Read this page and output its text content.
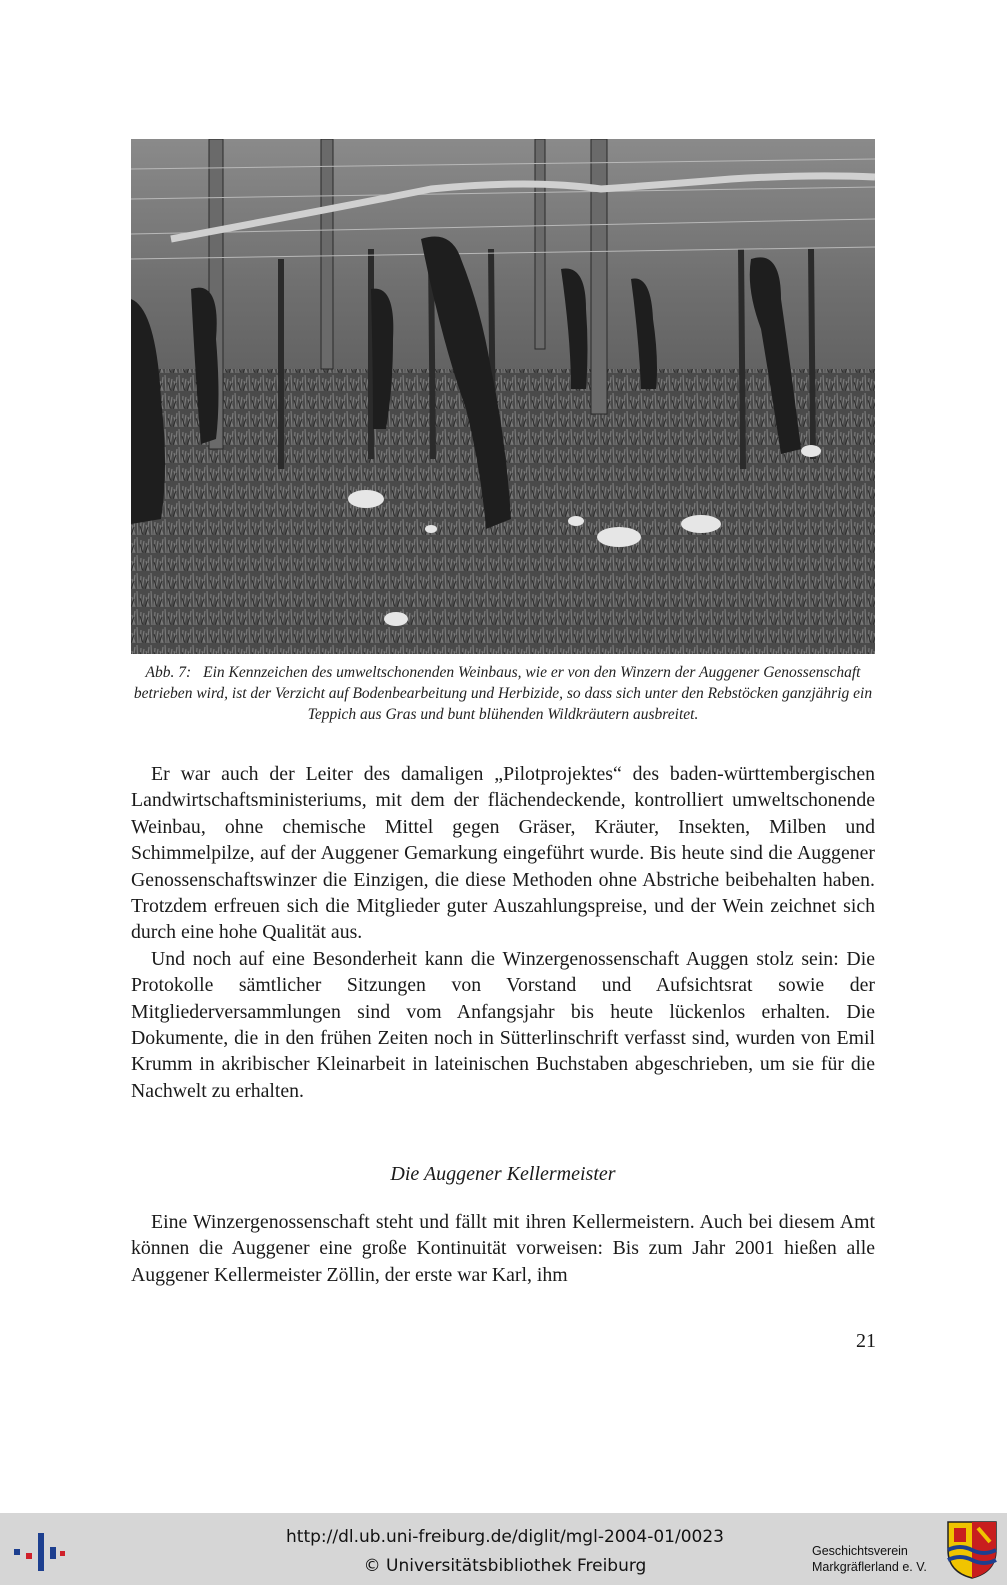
Abb. 7: Ein Kennzeichen des umweltschonenden Weinbaus, wie er von den Winzern der Auggener Genossenschaft betrieben wird, ist der Verzicht auf Bodenbearbeitung und Herbizide, so dass sich unter den Rebstöcken ganzjährig ein Teppich aus Gras und bunt blühenden Wildkräutern ausbreitet.

Er war auch der Leiter des damaligen „Pilotprojektes“ des baden-württembergischen Landwirtschaftsministeriums, mit dem der flächendeckende, kontrolliert umweltschonende Weinbau, ohne chemische Mittel gegen Gräser, Kräuter, Insekten, Milben und Schimmelpilze, auf der Auggener Gemarkung eingeführt wurde. Bis heute sind die Auggener Genossenschaftswinzer die Einzigen, die diese Methoden ohne Abstriche beibehalten haben. Trotzdem erfreuen sich die Mitglieder guter Auszahlungspreise, und der Wein zeichnet sich durch eine hohe Qualität aus.

Und noch auf eine Besonderheit kann die Winzergenossenschaft Auggen stolz sein: Die Protokolle sämtlicher Sitzungen von Vorstand und Aufsichtsrat sowie der Mitgliederversammlungen sind vom Anfangsjahr bis heute lückenlos erhalten. Die Dokumente, die in den frühen Zeiten noch in Sütterlinschrift verfasst sind, wurden von Emil Krumm in akribischer Kleinarbeit in lateinischen Buchstaben abgeschrieben, um sie für die Nachwelt zu erhalten.

Die Auggener Kellermeister

Eine Winzergenossenschaft steht und fällt mit ihren Kellermeistern. Auch bei diesem Amt können die Auggener eine große Kontinuität vorweisen: Bis zum Jahr 2001 hießen alle Auggener Kellermeister Zöllin, der erste war Karl, ihm

21
http://dl.ub.uni-freiburg.de/diglit/mgl-2004-01/0023
© Universitätsbibliothek Freiburg
Geschichtsverein
Markgräflerland e. V.
